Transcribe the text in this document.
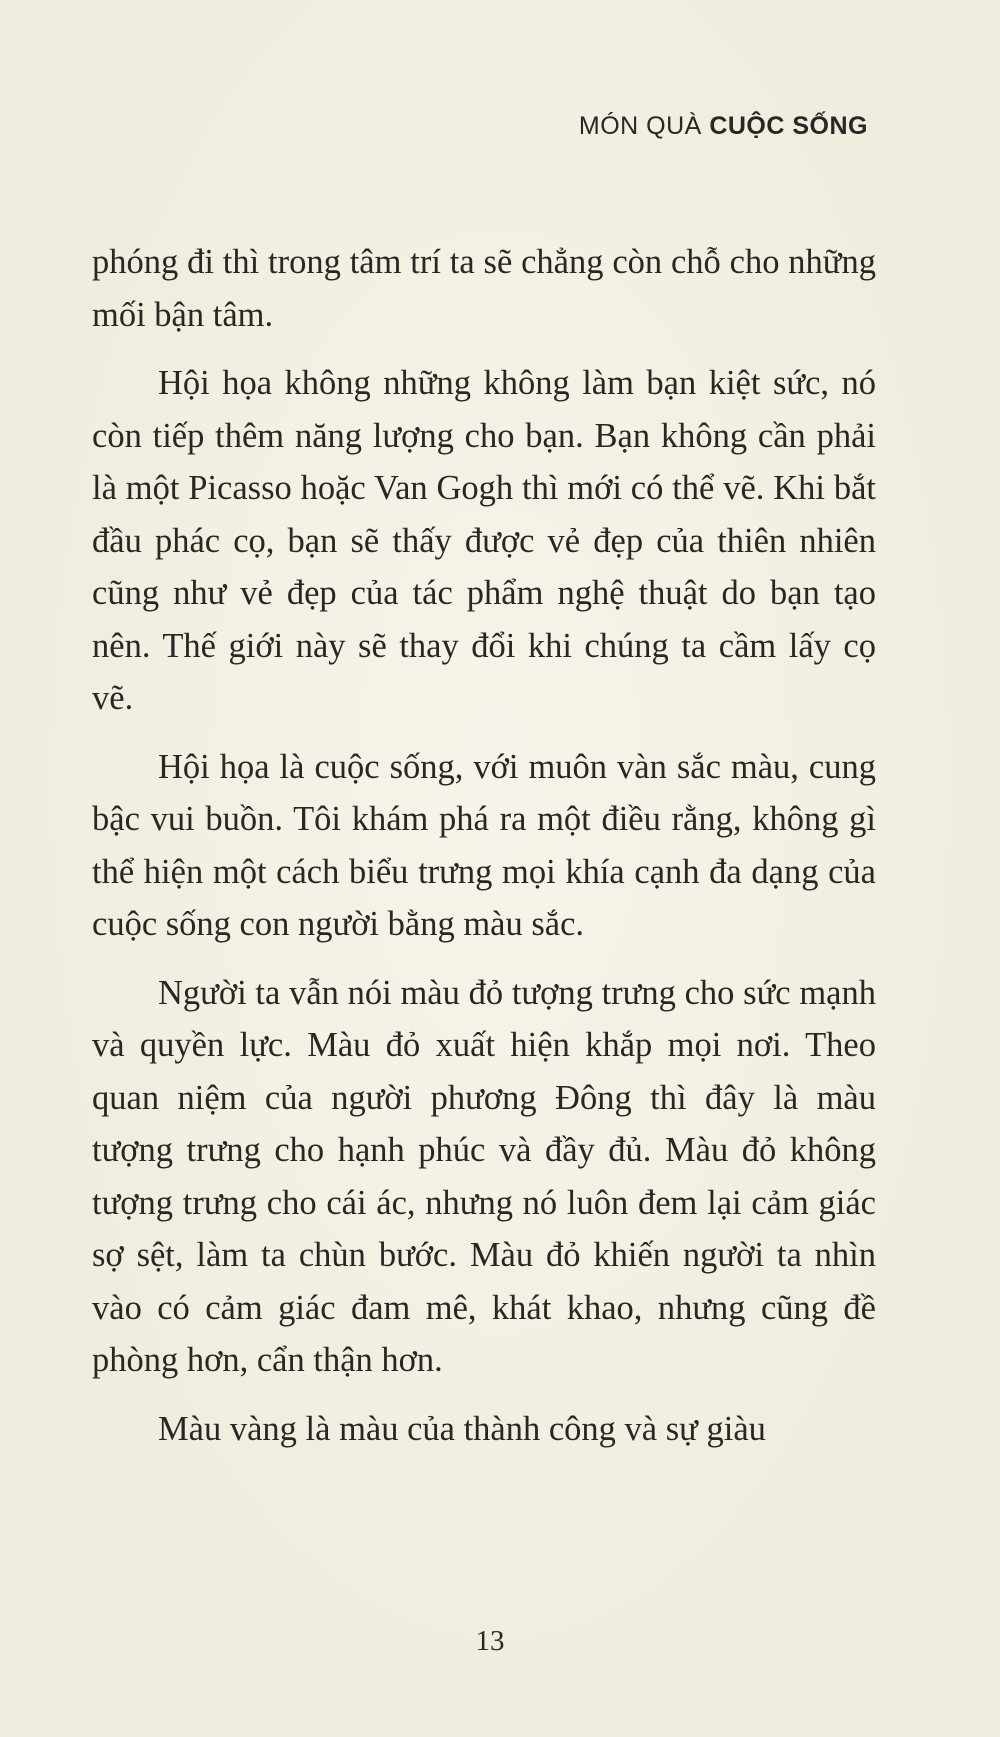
MÓN QUÀ CUỘC SỐNG

phóng đi thì trong tâm trí ta sẽ chẳng còn chỗ cho những mối bận tâm.

Hội họa không những không làm bạn kiệt sức, nó còn tiếp thêm năng lượng cho bạn. Bạn không cần phải là một Picasso hoặc Van Gogh thì mới có thể vẽ. Khi bắt đầu phác cọ, bạn sẽ thấy được vẻ đẹp của thiên nhiên cũng như vẻ đẹp của tác phẩm nghệ thuật do bạn tạo nên. Thế giới này sẽ thay đổi khi chúng ta cầm lấy cọ vẽ.

Hội họa là cuộc sống, với muôn vàn sắc màu, cung bậc vui buồn. Tôi khám phá ra một điều rằng, không gì thể hiện một cách biểu trưng mọi khía cạnh đa dạng của cuộc sống con người bằng màu sắc.

Người ta vẫn nói màu đỏ tượng trưng cho sức mạnh và quyền lực. Màu đỏ xuất hiện khắp mọi nơi. Theo quan niệm của người phương Đông thì đây là màu tượng trưng cho hạnh phúc và đầy đủ. Màu đỏ không tượng trưng cho cái ác, nhưng nó luôn đem lại cảm giác sợ sệt, làm ta chùn bước. Màu đỏ khiến người ta nhìn vào có cảm giác đam mê, khát khao, nhưng cũng đề phòng hơn, cẩn thận hơn.

Màu vàng là màu của thành công và sự giàu

13
